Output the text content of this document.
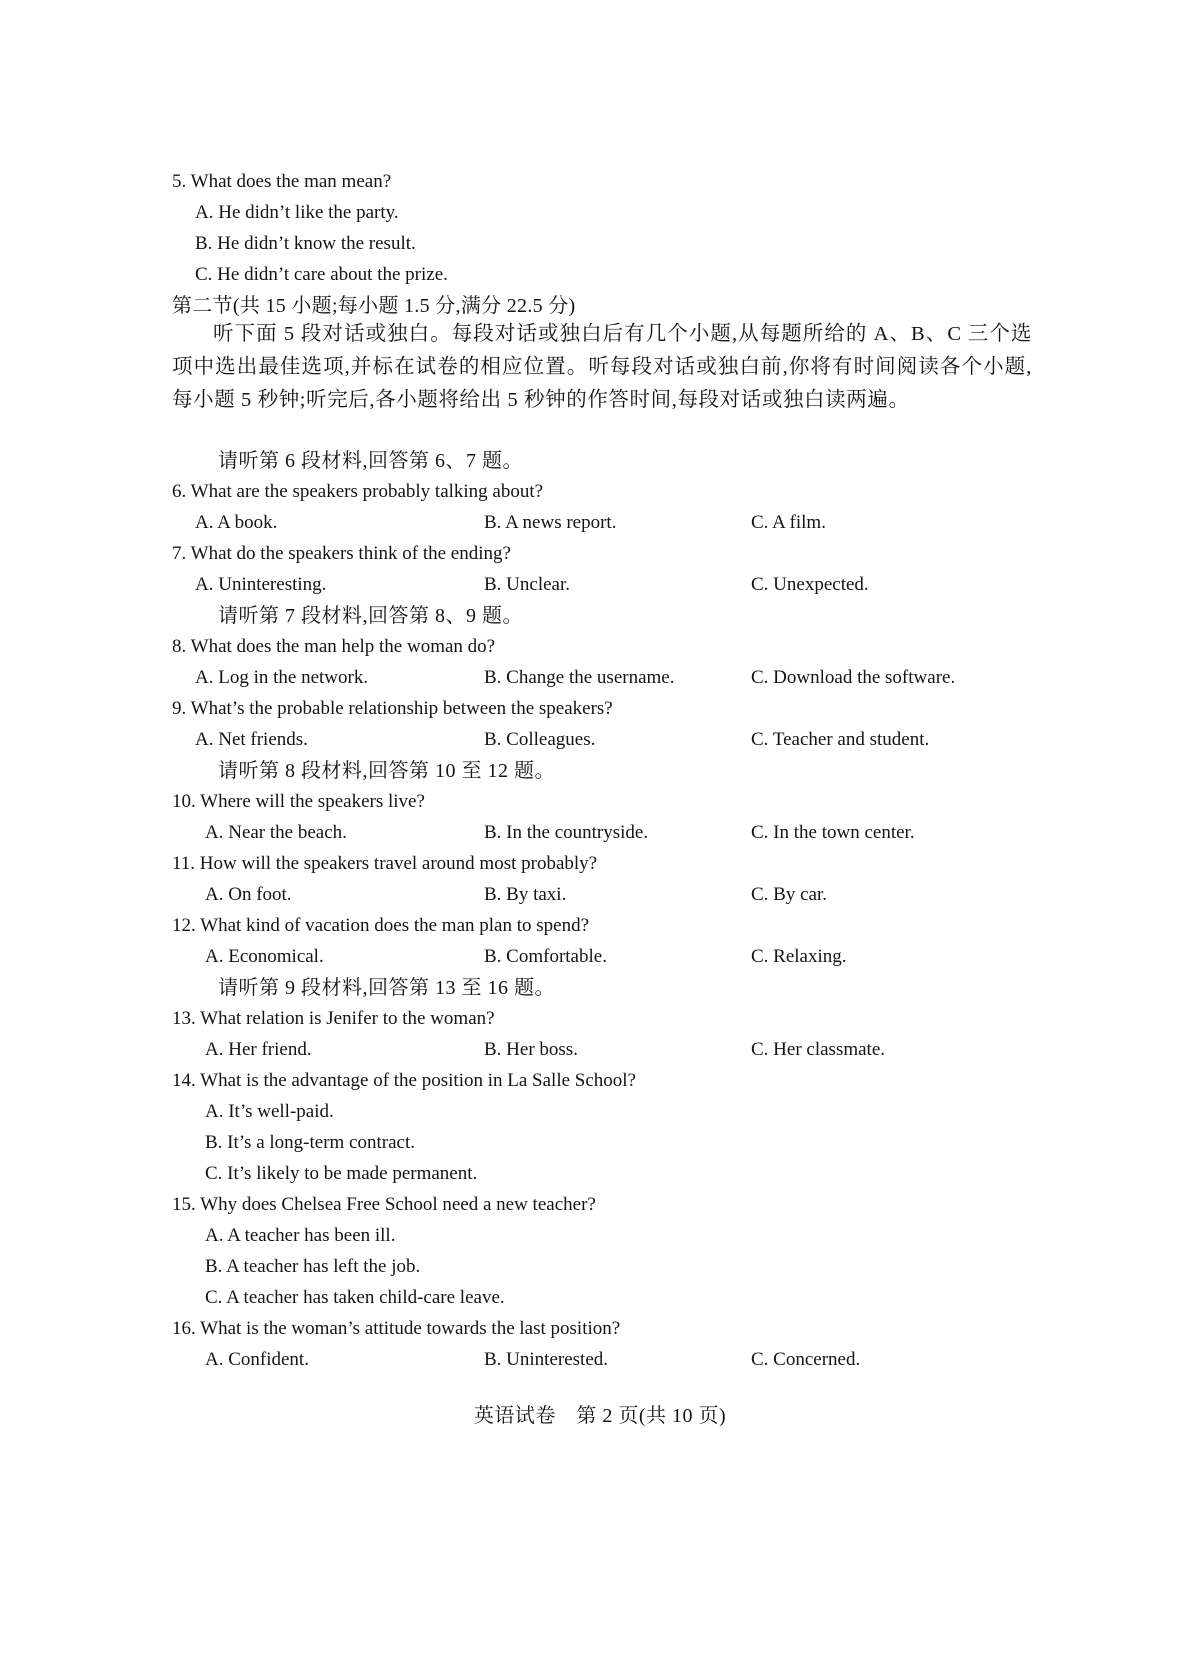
5. What does the man mean?
A. He didn’t like the party.
B. He didn’t know the result.
C. He didn’t care about the prize.
第二节(共 15 小题;每小题 1.5 分,满分 22.5 分)
听下面 5 段对话或独白。每段对话或独白后有几个小题,从每题所给的 A、B、C 三个选项中选出最佳选项,并标在试卷的相应位置。听每段对话或独白前,你将有时间阅读各个小题,每小题 5 秒钟;听完后,各小题将给出 5 秒钟的作答时间,每段对话或独白读两遍。
请听第 6 段材料,回答第 6、7 题。
6. What are the speakers probably talking about?
A. A book.	B. A news report.	C. A film.
7. What do the speakers think of the ending?
A. Uninteresting.	B. Unclear.	C. Unexpected.
请听第 7 段材料,回答第 8、9 题。
8. What does the man help the woman do?
A. Log in the network.	B. Change the username.	C. Download the software.
9. What’s the probable relationship between the speakers?
A. Net friends.	B. Colleagues.	C. Teacher and student.
请听第 8 段材料,回答第 10 至 12 题。
10. Where will the speakers live?
A. Near the beach.	B. In the countryside.	C. In the town center.
11. How will the speakers travel around most probably?
A. On foot.	B. By taxi.	C. By car.
12. What kind of vacation does the man plan to spend?
A. Economical.	B. Comfortable.	C. Relaxing.
请听第 9 段材料,回答第 13 至 16 题。
13. What relation is Jenifer to the woman?
A. Her friend.	B. Her boss.	C. Her classmate.
14. What is the advantage of the position in La Salle School?
A. It’s well-paid.
B. It’s a long-term contract.
C. It’s likely to be made permanent.
15. Why does Chelsea Free School need a new teacher?
A. A teacher has been ill.
B. A teacher has left the job.
C. A teacher has taken child-care leave.
16. What is the woman’s attitude towards the last position?
A. Confident.	B. Uninterested.	C. Concerned.
英语试卷　第 2 页(共 10 页)
